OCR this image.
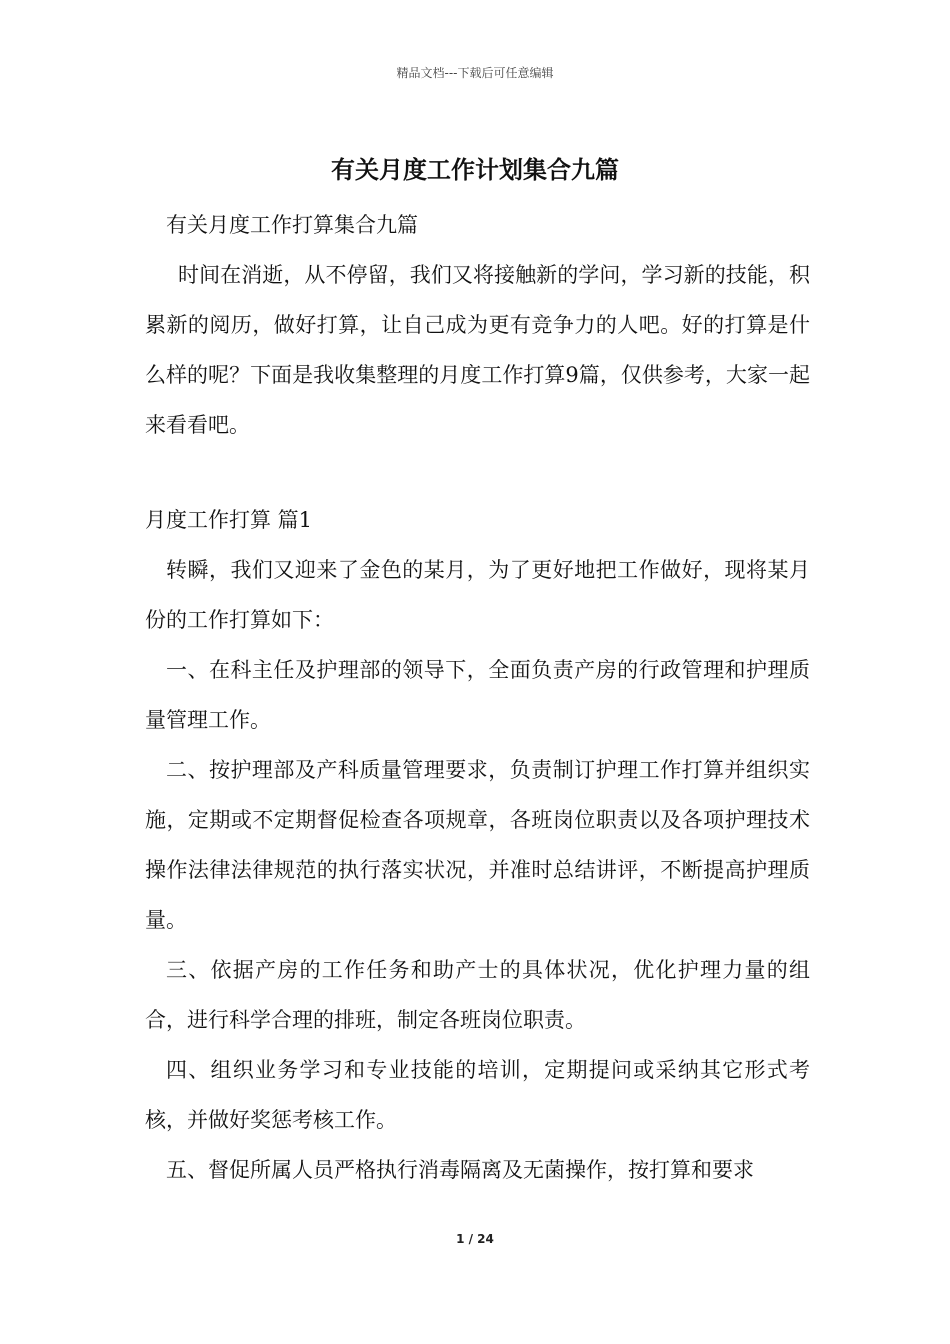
精品文档---下载后可任意编辑
有关月度工作计划集合九篇

有关月度工作打算集合九篇

时间在消逝，从不停留，我们又将接触新的学问，学习新的技能，积累新的阅历，做好打算，让自己成为更有竞争力的人吧。好的打算是什么样的呢？下面是我收集整理的月度工作打算9篇，仅供参考，大家一起来看看吧。

月度工作打算 篇1

转瞬，我们又迎来了金色的某月，为了更好地把工作做好，现将某月份的工作打算如下：

一、在科主任及护理部的领导下，全面负责产房的行政管理和护理质量管理工作。

二、按护理部及产科质量管理要求，负责制订护理工作打算并组织实施，定期或不定期督促检查各项规章，各班岗位职责以及各项护理技术操作法律法律规范的执行落实状况，并准时总结讲评，不断提高护理质量。

三、依据产房的工作任务和助产士的具体状况，优化护理力量的组合，进行科学合理的排班，制定各班岗位职责。

四、组织业务学习和专业技能的培训，定期提问或采纳其它形式考核，并做好奖惩考核工作。

五、督促所属人员严格执行消毒隔离及无菌操作，按打算和要求

1 / 24
